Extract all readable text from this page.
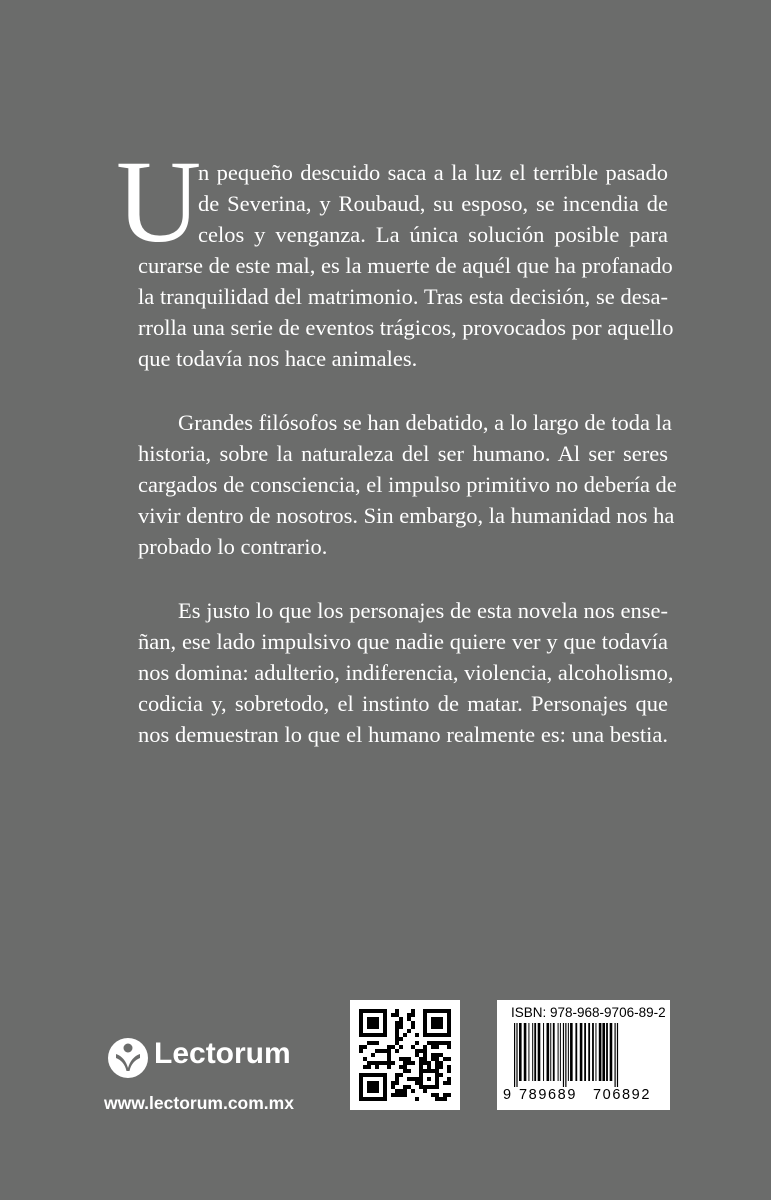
U
n pequeño descuido saca a la luz el terrible pasado
de Severina, y Roubaud, su esposo, se incendia de
celos y venganza. La única solución posible para
curarse de este mal, es la muerte de aquél que ha profanado
la tranquilidad del matrimonio. Tras esta decisión, se desa-
rrolla una serie de eventos trágicos, provocados por aquello
que todavía nos hace animales.
Grandes filósofos se han debatido, a lo largo de toda la
historia, sobre la naturaleza del ser humano. Al ser seres
cargados de consciencia, el impulso primitivo no debería de
vivir dentro de nosotros. Sin embargo, la humanidad nos ha
probado lo contrario.
Es justo lo que los personajes de esta novela nos ense-
ñan, ese lado impulsivo que nadie quiere ver y que todavía
nos domina: adulterio, indiferencia, violencia, alcoholismo,
codicia y, sobretodo, el instinto de matar. Personajes que
nos demuestran lo que el humano realmente es: una bestia.
Lectorum
www.lectorum.com.mx
ISBN: 978-968-9706-89-2
9 789689 706892
